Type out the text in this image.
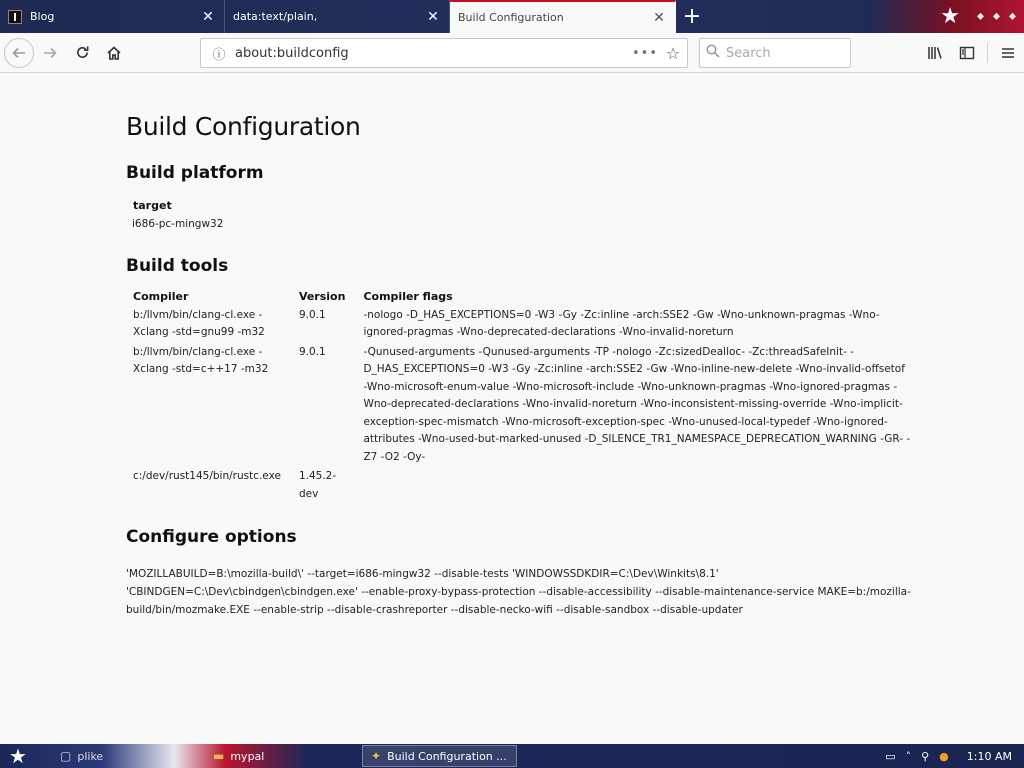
Blog	✕ data:text/plain,	✕ Build Configuration	✕ +	★ ⬥ ⬥ ⬥
ⓘ about:buildconfig	••• ☆
Search
Build Configuration
Build platform
target
i686-pc-mingw32
Build tools
Compiler	Version	Compiler flags
b:/llvm/bin/clang-cl.exe -Xclang -std=gnu99 -m32	9.0.1	-nologo -D_HAS_EXCEPTIONS=0 -W3 -Gy -Zc:inline -arch:SSE2 -Gw -Wno-unknown-pragmas -Wno-ignored-pragmas -Wno-deprecated-declarations -Wno-invalid-noreturn
b:/llvm/bin/clang-cl.exe -Xclang -std=c++17 -m32	9.0.1	-Qunused-arguments -Qunused-arguments -TP -nologo -Zc:sizedDealloc- -Zc:threadSafeInit- -D_HAS_EXCEPTIONS=0 -W3 -Gy -Zc:inline -arch:SSE2 -Gw -Wno-inline-new-delete -Wno-invalid-offsetof -Wno-microsoft-enum-value -Wno-microsoft-include -Wno-unknown-pragmas -Wno-ignored-pragmas -Wno-deprecated-declarations -Wno-invalid-noreturn -Wno-inconsistent-missing-override -Wno-implicit-exception-spec-mismatch -Wno-microsoft-exception-spec -Wno-unused-local-typedef -Wno-ignored-attributes -Wno-used-but-marked-unused -D_SILENCE_TR1_NAMESPACE_DEPRECATION_WARNING -GR- -Z7 -O2 -Oy-
c:/dev/rust145/bin/rustc.exe	1.45.2-dev	
Configure options
'MOZILLABUILD=B:\mozilla-build\' --target=i686-mingw32 --disable-tests 'WINDOWSSDKDIR=C:\Dev\Winkits\8.1' 'CBINDGEN=C:\Dev\cbindgen\cbindgen.exe' --enable-proxy-bypass-protection --disable-accessibility --disable-maintenance-service MAKE=b:/mozilla-build/bin/mozmake.EXE --enable-strip --disable-crashreporter --disable-necko-wifi --disable-sandbox --disable-updater
★	▢ plike	▬ mypal	✦ Build Configuration ...	▭ ˄ ⚲ ● 1:10 AM
